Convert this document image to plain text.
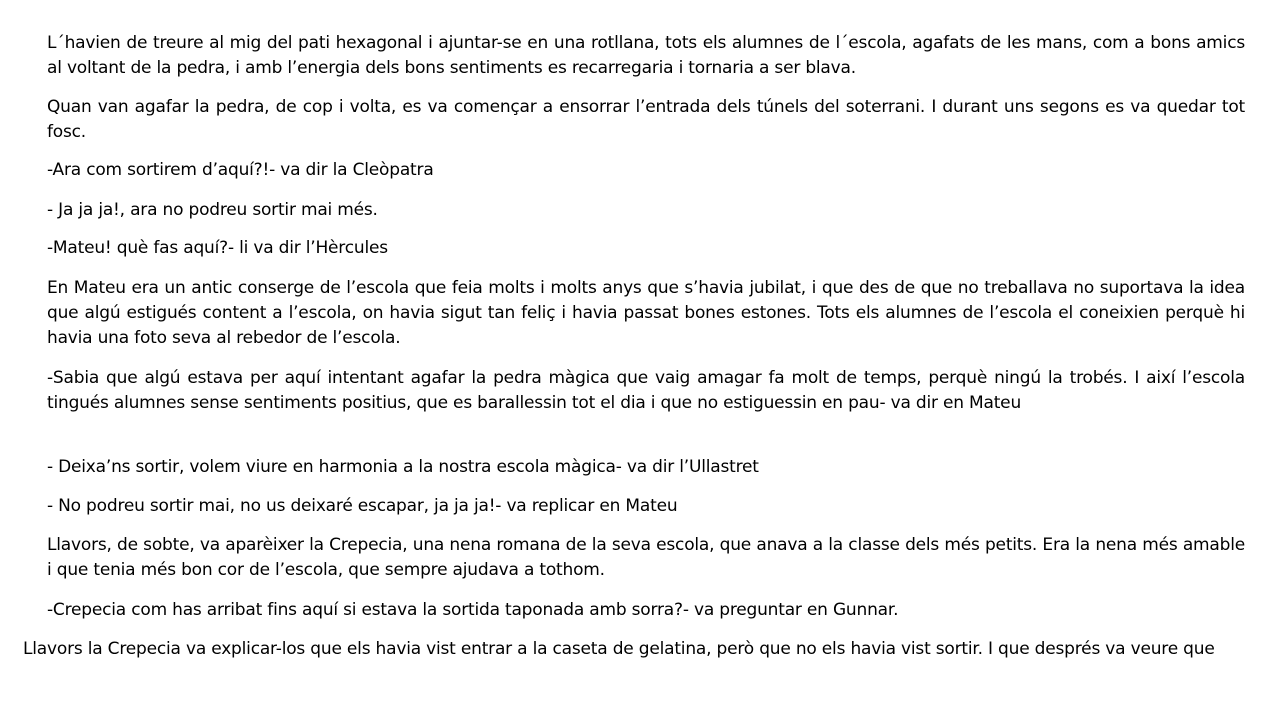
L´havien de treure al mig del pati hexagonal i ajuntar-se en una rotllana, tots els alumnes de l´escola, agafats de les mans, com a bons amics al voltant de la pedra, i amb l’energia dels bons sentiments es recarregaria i tornaria a ser blava.

Quan van agafar la pedra, de cop i volta, es va començar a ensorrar l’entrada dels túnels del soterrani. I durant uns segons es va quedar tot fosc.

-Ara com sortirem d’aquí?!- va dir la Cleòpatra

- Ja ja ja!, ara no podreu sortir mai més.

-Mateu! què fas aquí?- li va dir l’Hèrcules

En Mateu era un antic conserge de l’escola que feia molts i molts anys que s’havia jubilat, i que des de que no treballava no suportava la idea que algú estigués content a l’escola, on havia sigut tan feliç i havia passat bones estones. Tots els alumnes de l’escola el coneixien perquè hi havia una foto seva al rebedor de l’escola.

-Sabia que algú estava per aquí intentant agafar la pedra màgica que vaig amagar fa molt de temps, perquè ningú la trobés. I així l’escola tingués alumnes sense sentiments positius, que es barallessin tot el dia i que no estiguessin en pau- va dir en Mateu

- Deixa’ns sortir, volem viure en harmonia a la nostra escola màgica- va dir l’Ullastret

- No podreu sortir mai, no us deixaré escapar, ja ja ja!- va replicar en Mateu

Llavors, de sobte, va aparèixer la Crepecia, una nena romana de la seva escola, que anava a la classe dels més petits. Era la nena més amable i que tenia més bon cor de l’escola, que sempre ajudava a tothom.

-Crepecia com has arribat fins aquí si estava la sortida taponada amb sorra?- va preguntar en Gunnar.

Llavors la Crepecia va explicar-los que els havia vist entrar a la caseta de gelatina, però que no els havia vist sortir. I que després va veure que
